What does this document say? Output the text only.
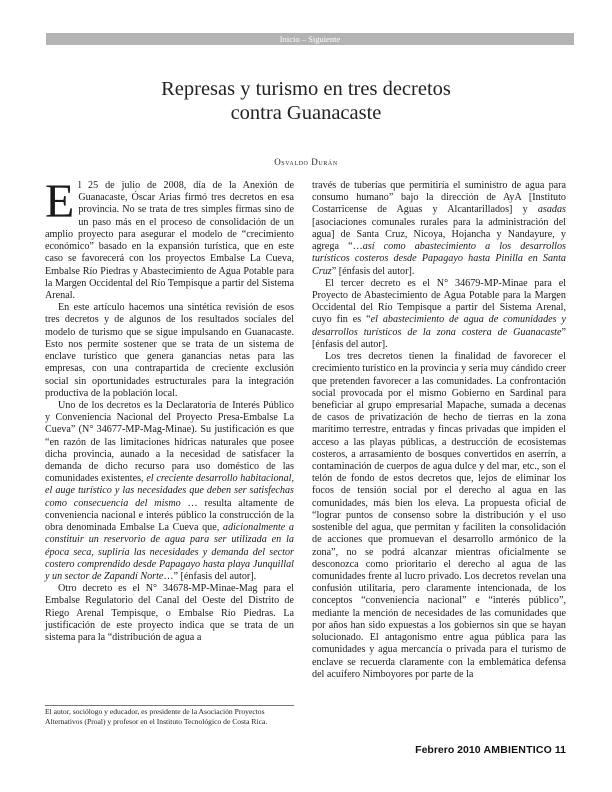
Inicio – Siguiente
Represas y turismo en tres decretos
contra Guanacaste
Osvaldo Durán

El 25 de julio de 2008, día de la Anexión de Guanacaste, Óscar Arias firmó tres decretos en esa provincia. No se trata de tres simples firmas sino de un paso más en el proceso de consolidación de un amplio proyecto para asegurar el modelo de “crecimiento económico” basado en la expansión turística, que en este caso se favorecerá con los proyectos Embalse La Cueva, Embalse Río Piedras y Abastecimiento de Agua Potable para la Margen Occidental del Río Tempisque a partir del Sistema Arenal.

En este artículo hacemos una sintética revisión de esos tres decretos y de algunos de los resultados sociales del modelo de turismo que se sigue impulsando en Guanacaste. Esto nos permite sostener que se trata de un sistema de enclave turístico que genera ganancias netas para las empresas, con una contrapartida de creciente exclusión social sin oportunidades estructurales para la integración productiva de la población local.

Uno de los decretos es la Declaratoria de Interés Público y Conveniencia Nacional del Proyecto Presa-Embalse La Cueva” (N° 34677-MP-Mag-Minae). Su justificación es que “en razón de las limitaciones hídricas naturales que posee dicha provincia, aunado a la necesidad de satisfacer la demanda de dicho recurso para uso doméstico de las comunidades existentes, el creciente desarrollo habitacional, el auge turístico y las necesidades que deben ser satisfechas como consecuencia del mismo … resulta altamente de conveniencia nacional e interés público la construcción de la obra denominada Embalse La Cueva que, adicionalmente a constituir un reservorio de agua para ser utilizada en la época seca, supliría las necesidades y demanda del sector costero comprendido desde Papagayo hasta playa Junquillal y un sector de Zapandí Norte…” [énfasis del autor].

Otro decreto es el N° 34678-MP-Minae-Mag para el Embalse Regulatorio del Canal del Oeste del Distrito de Riego Arenal Tempisque, o Embalse Río Piedras. La justificación de este proyecto indica que se trata de un sistema para la “distribución de agua a

través de tuberías que permitiría el suministro de agua para consumo humano” bajo la dirección de AyA [Instituto Costarricense de Aguas y Alcantarillados] y asadas [asociaciones comunales rurales para la administración del agua] de Santa Cruz, Nicoya, Hojancha y Nandayure, y agrega “…así como abastecimiento a los desarrollos turísticos costeros desde Papagayo hasta Pinilla en Santa Cruz” [énfasis del autor].

El tercer decreto es el N° 34679-MP-Minae para el Proyecto de Abastecimiento de Agua Potable para la Margen Occidental del Río Tempisque a partir del Sistema Arenal, cuyo fin es “el abastecimiento de agua de comunidades y desarrollos turísticos de la zona costera de Guanacaste” [énfasis del autor].

Los tres decretos tienen la finalidad de favorecer el crecimiento turístico en la provincia y sería muy cándido creer que pretenden favorecer a las comunidades. La confrontación social provocada por el mismo Gobierno en Sardinal para beneficiar al grupo empresarial Mapache, sumada a decenas de casos de privatización de hecho de tierras en la zona marítimo terrestre, entradas y fincas privadas que impiden el acceso a las playas públicas, a destrucción de ecosistemas costeros, a arrasamiento de bosques convertidos en aserrín, a contaminación de cuerpos de agua dulce y del mar, etc., son el telón de fondo de estos decretos que, lejos de eliminar los focos de tensión social por el derecho al agua en las comunidades, más bien los eleva. La propuesta oficial de “lograr puntos de consenso sobre la distribución y el uso sostenible del agua, que permitan y faciliten la consolidación de acciones que promuevan el desarrollo armónico de la zona”, no se podrá alcanzar mientras oficialmente se desconozca como prioritario el derecho al agua de las comunidades frente al lucro privado. Los decretos revelan una confusión utilitaria, pero claramente intencionada, de los conceptos “conveniencia nacional” e “interés público”, mediante la mención de necesidades de las comunidades que por años han sido expuestas a los gobiernos sin que se hayan solucionado. El antagonismo entre agua pública para las comunidades y agua mercancía o privada para el turismo de enclave se recuerda claramente con la emblemática defensa del acuífero Nimboyores por parte de la

El autor, sociólogo y educador, es presidente de la Asociación Proyectos Alternativos (Proal) y profesor en el Instituto Tecnológico de Costa Rica.
Febrero 2010 AMBIENTICO 11
